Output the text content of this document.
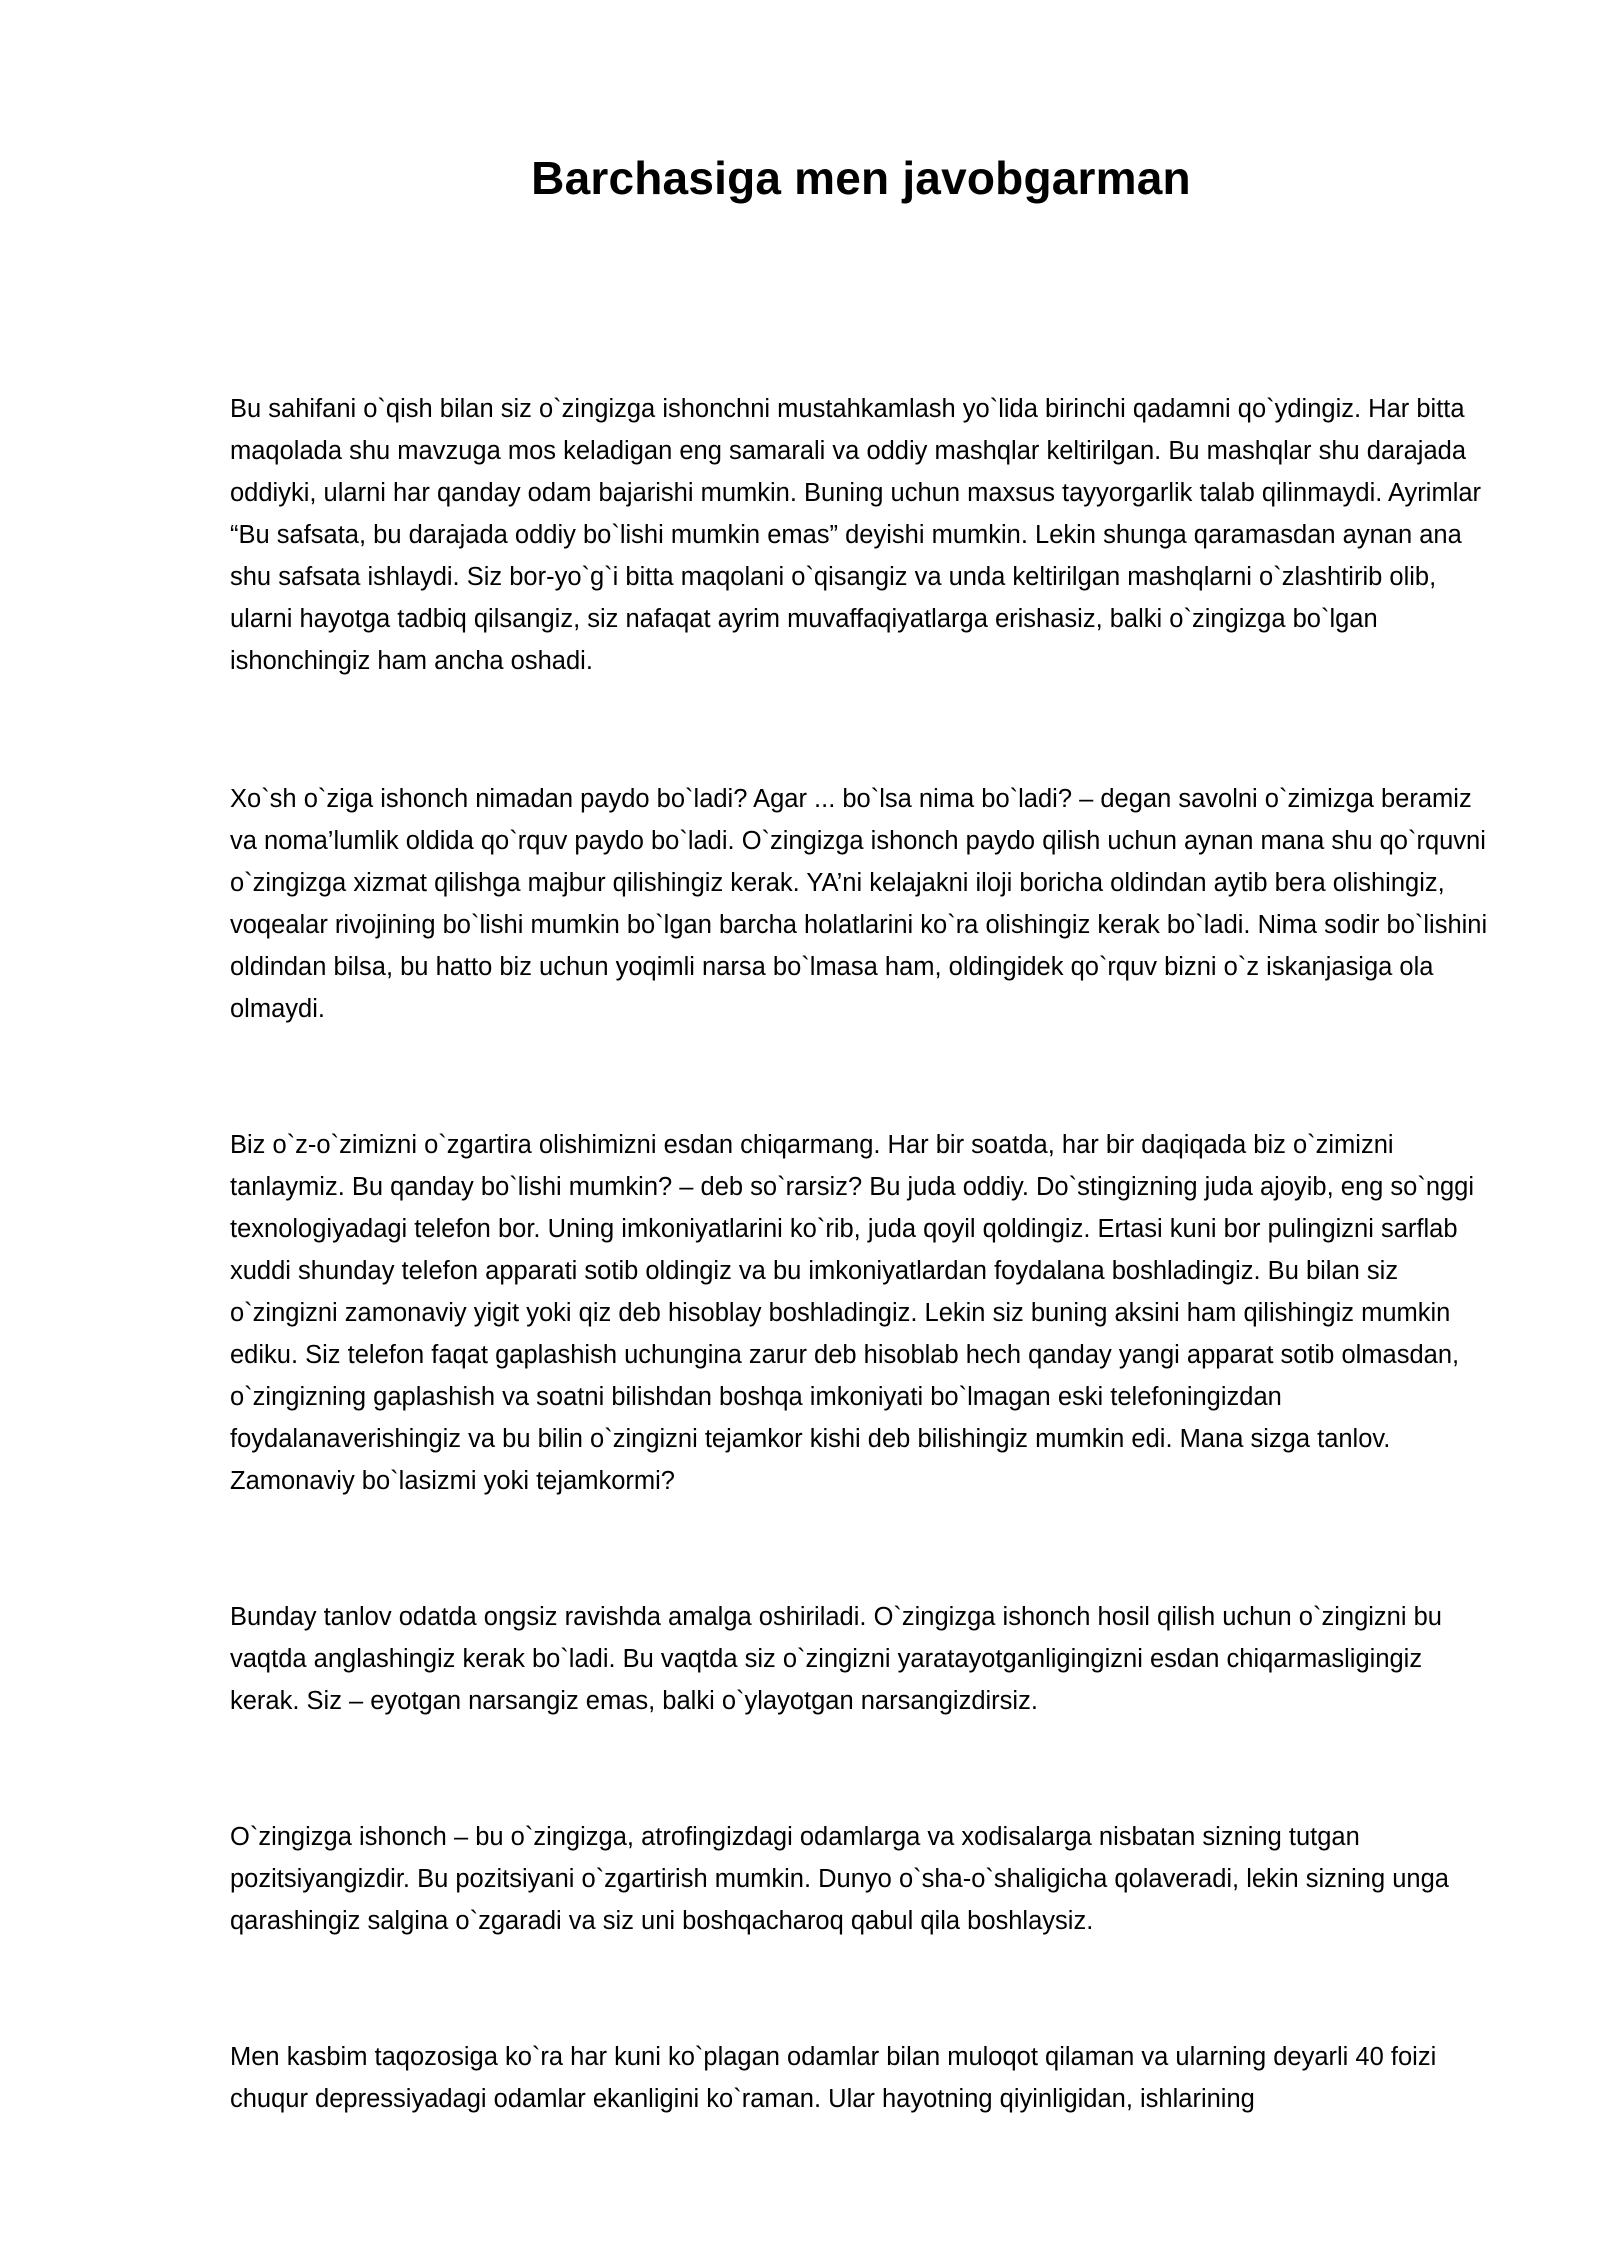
Barchasiga men javobgarman

Bu sahifani o`qish bilan siz o`zingizga ishonchni mustahkamlash yo`lida birinchi qadamni qo`ydingiz. Har bitta maqolada shu mavzuga mos keladigan eng samarali va oddiy mashqlar keltirilgan. Bu mashqlar shu darajada oddiyki, ularni har qanday odam bajarishi mumkin. Buning uchun maxsus tayyorgarlik talab qilinmaydi. Ayrimlar “Bu safsata, bu darajada oddiy bo`lishi mumkin emas” deyishi mumkin. Lekin shunga qaramasdan aynan ana shu safsata ishlaydi. Siz bor-yo`g`i bitta maqolani o`qisangiz va unda keltirilgan mashqlarni o`zlashtirib olib, ularni hayotga tadbiq qilsangiz, siz nafaqat ayrim muvaffaqiyatlarga erishasiz, balki o`zingizga bo`lgan ishonchingiz ham ancha oshadi.

Xo`sh o`ziga ishonch nimadan paydo bo`ladi? Agar ... bo`lsa nima bo`ladi? – degan savolni o`zimizga beramiz va noma’lumlik oldida qo`rquv paydo bo`ladi. O`zingizga ishonch paydo qilish uchun aynan mana shu qo`rquvni o`zingizga xizmat qilishga majbur qilishingiz kerak. YA’ni kelajakni iloji boricha oldindan aytib bera olishingiz, voqealar rivojining bo`lishi mumkin bo`lgan barcha holatlarini ko`ra olishingiz kerak bo`ladi. Nima sodir bo`lishini oldindan bilsa, bu hatto biz uchun yoqimli narsa bo`lmasa ham, oldingidek qo`rquv bizni o`z iskanjasiga ola olmaydi.

Biz o`z-o`zimizni o`zgartira olishimizni esdan chiqarmang. Har bir soatda, har bir daqiqada biz o`zimizni tanlaymiz. Bu qanday bo`lishi mumkin? – deb so`rarsiz? Bu juda oddiy. Do`stingizning juda ajoyib, eng so`nggi texnologiyadagi telefon bor. Uning imkoniyatlarini ko`rib, juda qoyil qoldingiz. Ertasi kuni bor pulingizni sarflab xuddi shunday telefon apparati sotib oldingiz va bu imkoniyatlardan foydalana boshladingiz. Bu bilan siz o`zingizni zamonaviy yigit yoki qiz deb hisoblay boshladingiz. Lekin siz buning aksini ham qilishingiz mumkin ediku. Siz telefon faqat gaplashish uchungina zarur deb hisoblab hech qanday yangi apparat sotib olmasdan, o`zingizning gaplashish va soatni bilishdan boshqa imkoniyati bo`lmagan eski telefoningizdan foydalanaverishingiz va bu bilin o`zingizni tejamkor kishi deb bilishingiz mumkin edi. Mana sizga tanlov. Zamonaviy bo`lasizmi yoki tejamkormi?

Bunday tanlov odatda ongsiz ravishda amalga oshiriladi. O`zingizga ishonch hosil qilish uchun o`zingizni bu vaqtda anglashingiz kerak bo`ladi. Bu vaqtda siz o`zingizni yaratayotganligingizni esdan chiqarmasligingiz kerak. Siz – eyotgan narsangiz emas, balki o`ylayotgan narsangizdirsiz.

O`zingizga ishonch – bu o`zingizga, atrofingizdagi odamlarga va xodisalarga nisbatan sizning tutgan pozitsiyangizdir. Bu pozitsiyani o`zgartirish mumkin. Dunyo o`sha-o`shaligicha qolaveradi, lekin sizning unga qarashingiz salgina o`zgaradi va siz uni boshqacharoq qabul qila boshlaysiz.

Men kasbim taqozosiga ko`ra har kuni ko`plagan odamlar bilan muloqot qilaman va ularning deyarli 40 foizi chuqur depressiyadagi odamlar ekanligini ko`raman. Ular hayotning qiyinligidan, ishlarining
